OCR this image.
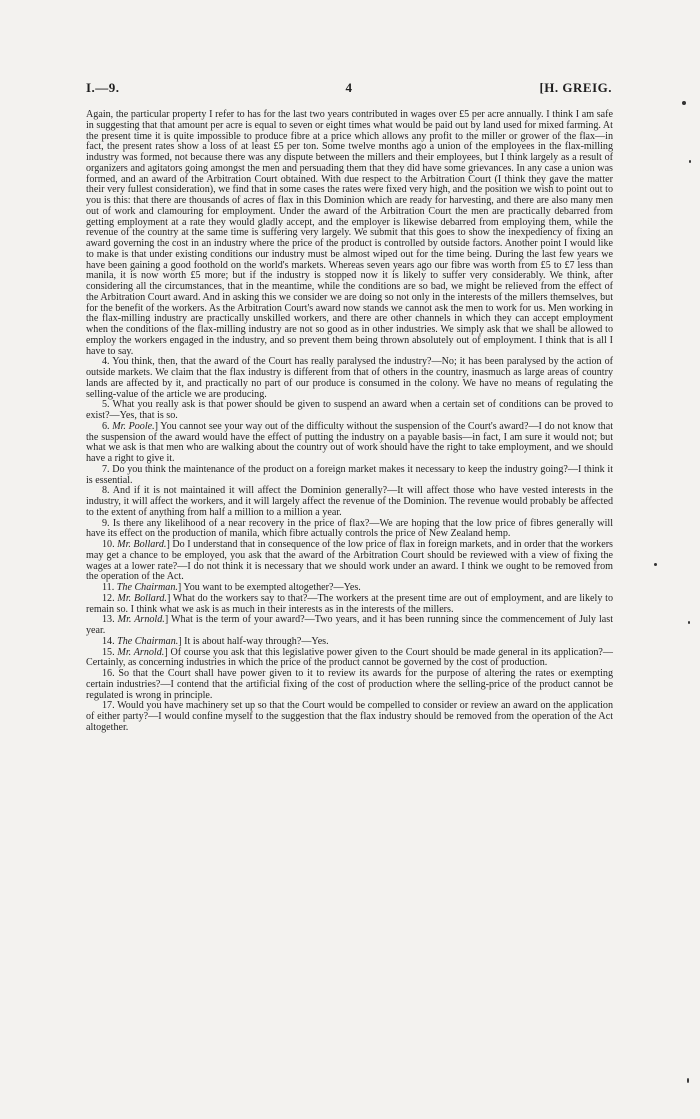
I.—9.	4	[H. GREIG.

Again, the particular property I refer to has for the last two years contributed in wages over £5 per acre annually. I think I am safe in suggesting that that amount per acre is equal to seven or eight times what would be paid out by land used for mixed farming. At the present time it is quite impossible to produce fibre at a price which allows any profit to the miller or grower of the flax—in fact, the present rates show a loss of at least £5 per ton. Some twelve months ago a union of the employees in the flax-milling industry was formed, not because there was any dispute between the millers and their employees, but I think largely as a result of organizers and agitators going amongst the men and persuading them that they did have some grievances. In any case a union was formed, and an award of the Arbitration Court obtained. With due respect to the Arbitration Court (I think they gave the matter their very fullest consideration), we find that in some cases the rates were fixed very high, and the position we wish to point out to you is this: that there are thousands of acres of flax in this Dominion which are ready for harvesting, and there are also many men out of work and clamouring for employment. Under the award of the Arbitration Court the men are practically debarred from getting employment at a rate they would gladly accept, and the employer is likewise debarred from employing them, while the revenue of the country at the same time is suffering very largely. We submit that this goes to show the inexpediency of fixing an award governing the cost in an industry where the price of the product is controlled by outside factors. Another point I would like to make is that under existing conditions our industry must be almost wiped out for the time being. During the last few years we have been gaining a good foothold on the world's markets. Whereas seven years ago our fibre was worth from £5 to £7 less than manila, it is now worth £5 more; but if the industry is stopped now it is likely to suffer very considerably. We think, after considering all the circumstances, that in the meantime, while the conditions are so bad, we might be relieved from the effect of the Arbitration Court award. And in asking this we consider we are doing so not only in the interests of the millers themselves, but for the benefit of the workers. As the Arbitration Court's award now stands we cannot ask the men to work for us. Men working in the flax-milling industry are practically unskilled workers, and there are other channels in which they can accept employment when the conditions of the flax-milling industry are not so good as in other industries. We simply ask that we shall be allowed to employ the workers engaged in the industry, and so prevent them being thrown absolutely out of employment. I think that is all I have to say.

4. You think, then, that the award of the Court has really paralysed the industry?—No; it has been paralysed by the action of outside markets. We claim that the flax industry is different from that of others in the country, inasmuch as large areas of country lands are affected by it, and practically no part of our produce is consumed in the colony. We have no means of regulating the selling-value of the article we are producing.

5. What you really ask is that power should be given to suspend an award when a certain set of conditions can be proved to exist?—Yes, that is so.

6. Mr. Poole.] You cannot see your way out of the difficulty without the suspension of the Court's award?—I do not know that the suspension of the award would have the effect of putting the industry on a payable basis—in fact, I am sure it would not; but what we ask is that men who are walking about the country out of work should have the right to take employment, and we should have a right to give it.

7. Do you think the maintenance of the product on a foreign market makes it necessary to keep the industry going?—I think it is essential.

8. And if it is not maintained it will affect the Dominion generally?—It will affect those who have vested interests in the industry, it will affect the workers, and it will largely affect the revenue of the Dominion. The revenue would probably be affected to the extent of anything from half a million to a million a year.

9. Is there any likelihood of a near recovery in the price of flax?—We are hoping that the low price of fibres generally will have its effect on the production of manila, which fibre actually controls the price of New Zealand hemp.

10. Mr. Bollard.] Do I understand that in consequence of the low price of flax in foreign markets, and in order that the workers may get a chance to be employed, you ask that the award of the Arbitration Court should be reviewed with a view of fixing the wages at a lower rate?—I do not think it is necessary that we should work under an award. I think we ought to be removed from the operation of the Act.

11. The Chairman.] You want to be exempted altogether?—Yes.

12. Mr. Bollard.] What do the workers say to that?—The workers at the present time are out of employment, and are likely to remain so. I think what we ask is as much in their interests as in the interests of the millers.

13. Mr. Arnold.] What is the term of your award?—Two years, and it has been running since the commencement of July last year.

14. The Chairman.] It is about half-way through?—Yes.

15. Mr. Arnold.] Of course you ask that this legislative power given to the Court should be made general in its application?—Certainly, as concerning industries in which the price of the product cannot be governed by the cost of production.

16. So that the Court shall have power given to it to review its awards for the purpose of altering the rates or exempting certain industries?—I contend that the artificial fixing of the cost of production where the selling-price of the product cannot be regulated is wrong in principle.

17. Would you have machinery set up so that the Court would be compelled to consider or review an award on the application of either party?—I would confine myself to the suggestion that the flax industry should be removed from the operation of the Act altogether.
